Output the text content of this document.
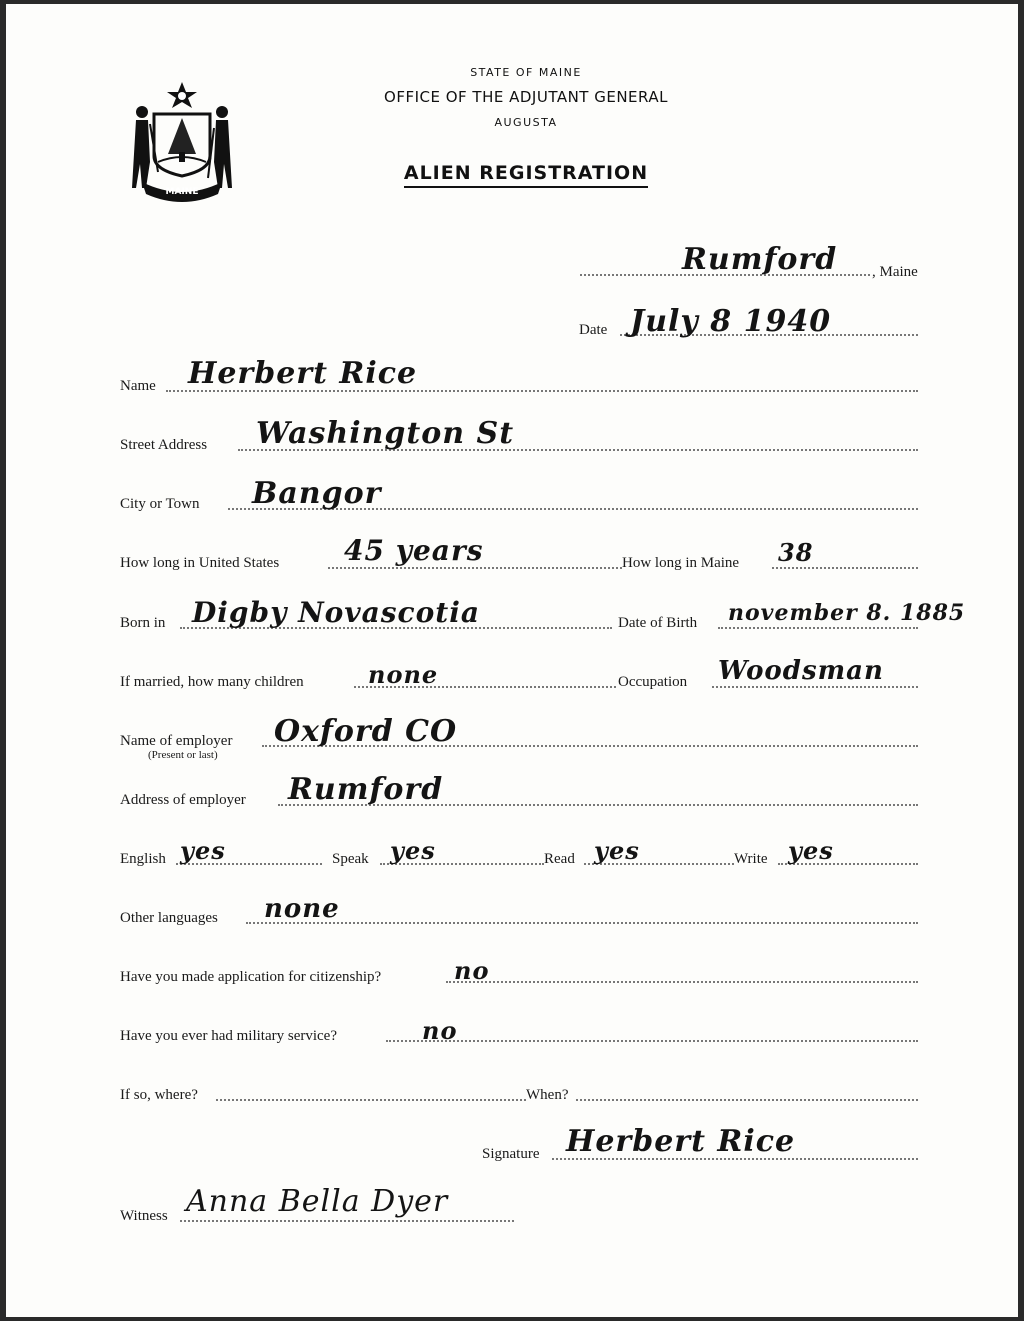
MAINE
STATE OF MAINE
OFFICE OF THE ADJUTANT GENERAL
AUGUSTA
ALIEN REGISTRATION
Rumford , Maine
Date July 8 1940
Name Herbert Rice
Street Address Washington St
City or Town Bangor
How long in United States 45 years	How long in Maine 38
Born in Digby Novascotia	Date of Birth november 8. 1885
If married, how many children	none	Occupation Woodsman
Name of employer
(Present or last)
Oxford CO
Address of employer Rumford
English yes	Speak yes	Read yes	Write yes
Other languages none
Have you made application for citizenship?	no
Have you ever had military service?	no
If so, where?	When?
Signature Herbert Rice
Witness Anna Bella Dyer
